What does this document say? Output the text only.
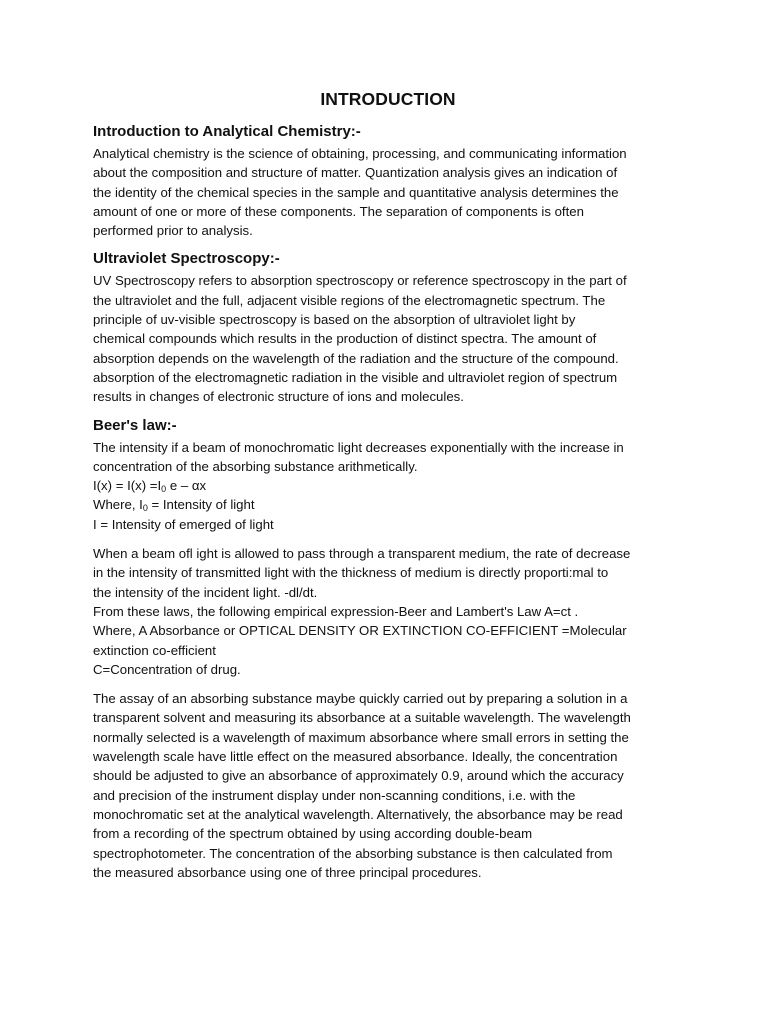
INTRODUCTION
Introduction to Analytical Chemistry:-

Analytical chemistry is the science of obtaining, processing, and communicating information
about the composition and structure of matter. Quantization analysis gives an indication of
the identity of the chemical species in the sample and quantitative analysis determines the
amount of one or more of these components. The separation of components is often
performed prior to analysis.

Ultraviolet Spectroscopy:-

UV Spectroscopy refers to absorption spectroscopy or reference spectroscopy in the part of
the ultraviolet and the full, adjacent visible regions of the electromagnetic spectrum. The
principle of uv-visible spectroscopy is based on the absorption of ultraviolet light by
chemical compounds which results in the production of distinct spectra. The amount of
absorption depends on the wavelength of the radiation and the structure of the compound.
absorption of the electromagnetic radiation in the visible and ultraviolet region of spectrum
results in changes of electronic structure of ions and molecules.

Beer's law:-

The intensity if a beam of monochromatic light decreases exponentially with the increase in
concentration of the absorbing substance arithmetically.
$I(x) = I(x) =I_0$ e – αx
Where, $I_0$ = Intensity of light
I = Intensity of emerged of light

When a beam ofl ight is allowed to pass through a transparent medium, the rate of decrease
in the intensity of transmitted light with the thickness of medium is directly proporti:mal to
the intensity of the incident light. -dl/dt.
From these laws, the following empirical expression-Beer and Lambert's Law A=ct .
Where, A Absorbance or OPTICAL DENSITY OR EXTINCTION CO-EFFICIENT =Molecular
extinction co-efficient
C=Concentration of drug.

The assay of an absorbing substance maybe quickly carried out by preparing a solution in a
transparent solvent and measuring its absorbance at a suitable wavelength. The wavelength
normally selected is a wavelength of maximum absorbance where small errors in setting the
wavelength scale have little effect on the measured absorbance. Ideally, the concentration
should be adjusted to give an absorbance of approximately 0.9, around which the accuracy
and precision of the instrument display under non-scanning conditions, i.e. with the
monochromatic set at the analytical wavelength. Alternatively, the absorbance may be read
from a recording of the spectrum obtained by using according double-beam
spectrophotometer. The concentration of the absorbing substance is then calculated from
the measured absorbance using one of three principal procedures.
